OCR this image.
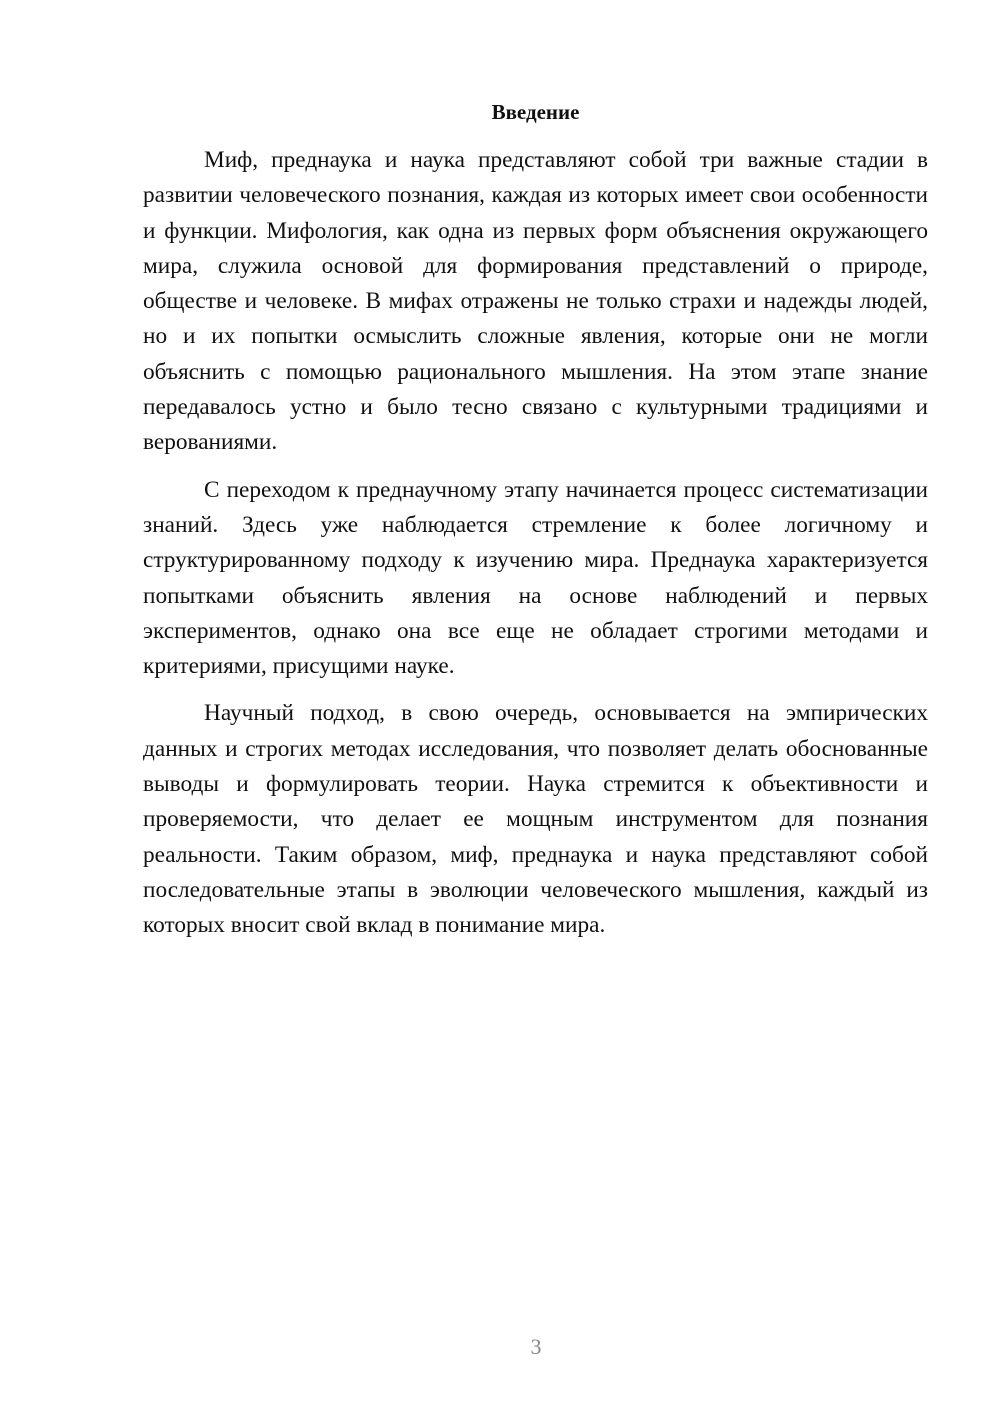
Введение

Миф, преднаука и наука представляют собой три важные стадии в развитии человеческого познания, каждая из которых имеет свои особенности и функции. Мифология, как одна из первых форм объяснения окружающего мира, служила основой для формирования представлений о природе, обществе и человеке. В мифах отражены не только страхи и надежды людей, но и их попытки осмыслить сложные явления, которые они не могли объяснить с помощью рационального мышления. На этом этапе знание передавалось устно и было тесно связано с культурными традициями и верованиями.

С переходом к преднаучному этапу начинается процесс систематизации знаний. Здесь уже наблюдается стремление к более логичному и структурированному подходу к изучению мира. Преднаука характеризуется попытками объяснить явления на основе наблюдений и первых экспериментов, однако она все еще не обладает строгими методами и критериями, присущими науке.

Научный подход, в свою очередь, основывается на эмпирических данных и строгих методах исследования, что позволяет делать обоснованные выводы и формулировать теории. Наука стремится к объективности и проверяемости, что делает ее мощным инструментом для познания реальности. Таким образом, миф, преднаука и наука представляют собой последовательные этапы в эволюции человеческого мышления, каждый из которых вносит свой вклад в понимание мира.

3
